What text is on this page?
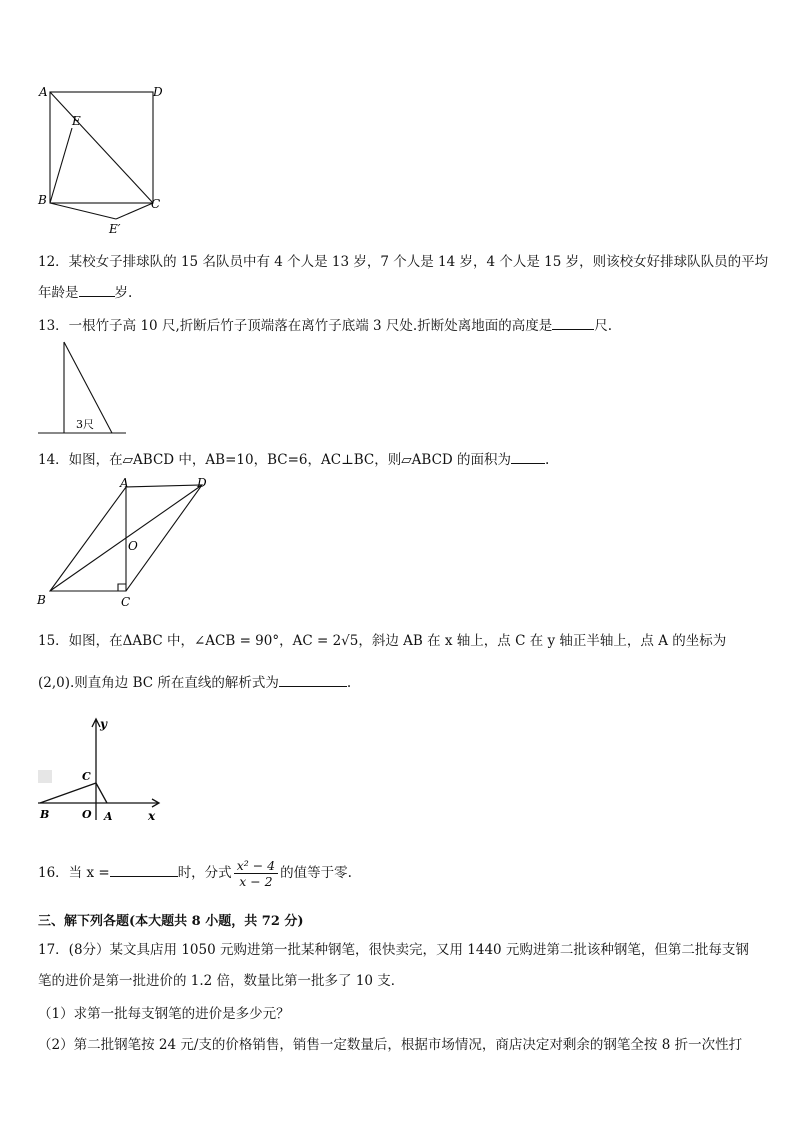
A	D
E
B	C
E′
12．某校女子排球队的 15 名队员中有 4 个人是 13 岁，7 个人是 14 岁，4 个人是 15 岁，则该校女好排球队队员的平均
年龄是	岁.
13．一根竹子高 10 尺,折断后竹子顶端落在离竹子底端 3 尺处.折断处离地面的高度是	尺.
3尺
14．如图，在▱ABCD 中，AB=10，BC=6，AC⊥BC，则▱ABCD 的面积为	.
A	D
O
B	C
15．如图，在ΔABC 中，∠ACB = 90°，AC = 2√5，斜边 AB 在 x 轴上，点 C 在 y 轴正半轴上，点 A 的坐标为
(2,0).则直角边 BC 所在直线的解析式为	.
y
x
C
B	O A
16．当 x =	时，分式 $\frac{\text{x² − 4}}{x - 2}$ 的值等于零.
三、解下列各题(本大题共 8 小题，共 72 分)
17．(8分）某文具店用 1050 元购进第一批某种钢笔，很快卖完，又用 1440 元购进第二批该种钢笔，但第二批每支钢
笔的进价是第一批进价的 1.2 倍，数量比第一批多了 10 支．
（1）求第一批每支钢笔的进价是多少元？
（2）第二批钢笔按 24 元/支的价格销售，销售一定数量后，根据市场情况，商店决定对剩余的钢笔全按 8 折一次性打
